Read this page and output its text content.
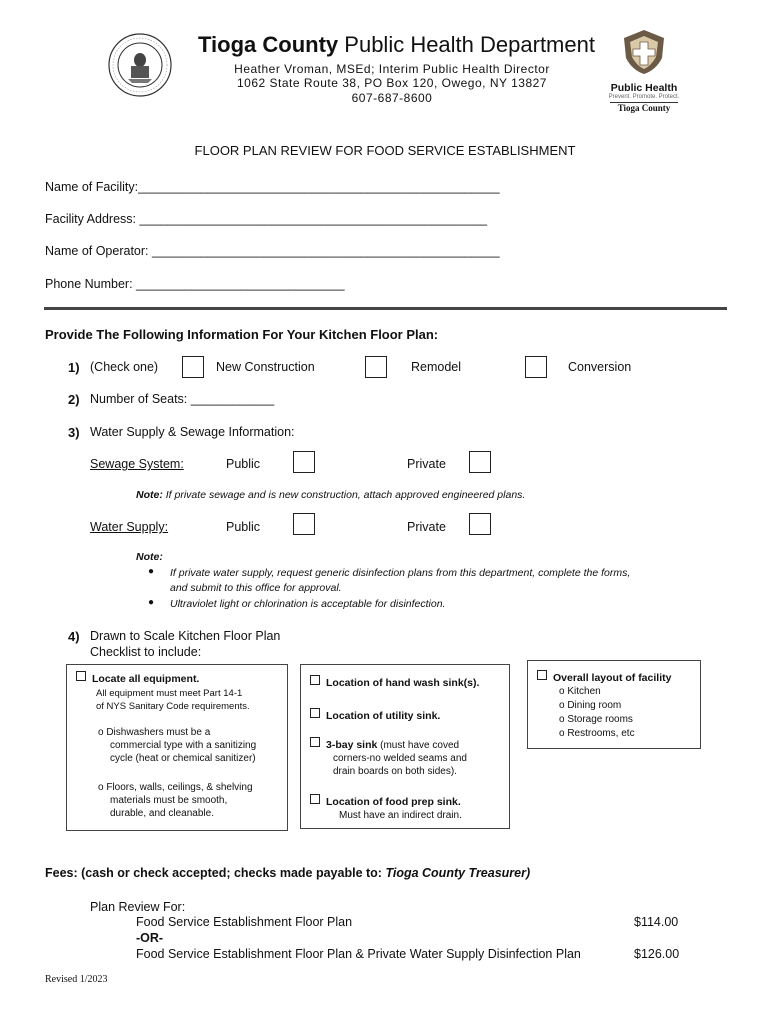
Tioga County Public Health Department
Heather Vroman, MSEd; Interim Public Health Director
1062 State Route 38, PO Box 120, Owego, NY 13827
607-687-8600
Public Health
Prevent. Promote. Protect.
Tioga County
FLOOR PLAN REVIEW FOR FOOD SERVICE ESTABLISHMENT
Name of Facility:____________________________________________________
Facility Address: __________________________________________________
Name of Operator: __________________________________________________
Phone Number: ______________________________
Provide The Following Information For Your Kitchen Floor Plan:
1) (Check one)	New Construction	Remodel	Conversion
2) Number of Seats: ____________
3) Water Supply & Sewage Information:
Sewage System:	Public	Private
Note: If private sewage and is new construction, attach approved engineered plans.
Water Supply:	Public	Private
Note:
● If private water supply, request generic disinfection plans from this department, complete the forms,
and submit to this office for approval.
● Ultraviolet light or chlorination is acceptable for disinfection.
4) Drawn to Scale Kitchen Floor Plan
Checklist to include:
Locate all equipment.
All equipment must meet Part 14-1
of NYS Sanitary Code requirements.
o Dishwashers must be a
commercial type with a sanitizing
cycle (heat or chemical sanitizer)
o Floors, walls, ceilings, & shelving
materials must be smooth,
durable, and cleanable.
Location of hand wash sink(s).
Location of utility sink.
3-bay sink (must have coved
corners-no welded seams and
drain boards on both sides).
Location of food prep sink.
Must have an indirect drain.
Overall layout of facility
o Kitchen
o Dining room
o Storage rooms
o Restrooms, etc
Fees: (cash or check accepted; checks made payable to: Tioga County Treasurer)
Plan Review For:
Food Service Establishment Floor Plan	$114.00
-OR-
Food Service Establishment Floor Plan & Private Water Supply Disinfection Plan	$126.00
Revised 1/2023
